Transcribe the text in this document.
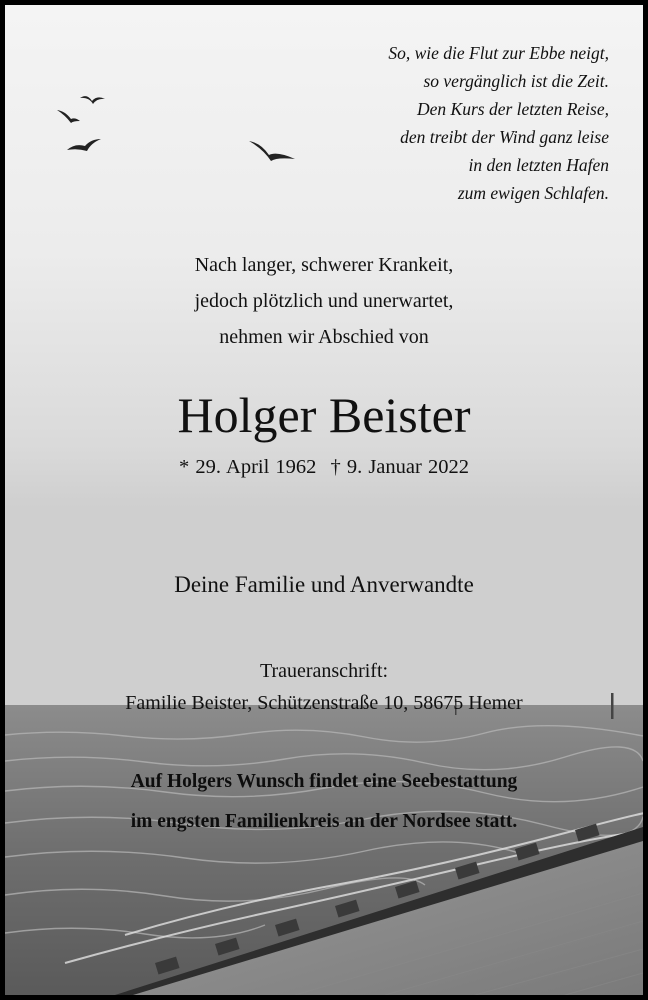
So, wie die Flut zur Ebbe neigt,
so vergänglich ist die Zeit.
Den Kurs der letzten Reise,
den treibt der Wind ganz leise
in den letzten Hafen
zum ewigen Schlafen.
Nach langer, schwerer Krankeit,
jedoch plötzlich und unerwartet,
nehmen wir Abschied von
Holger Beister
* 29. April 1962 † 9. Januar 2022
Deine Familie und Anverwandte
Traueranschrift:
Familie Beister, Schützenstraße 10, 58675 Hemer
Auf Holgers Wunsch findet eine Seebestattung
im engsten Familienkreis an der Nordsee statt.
